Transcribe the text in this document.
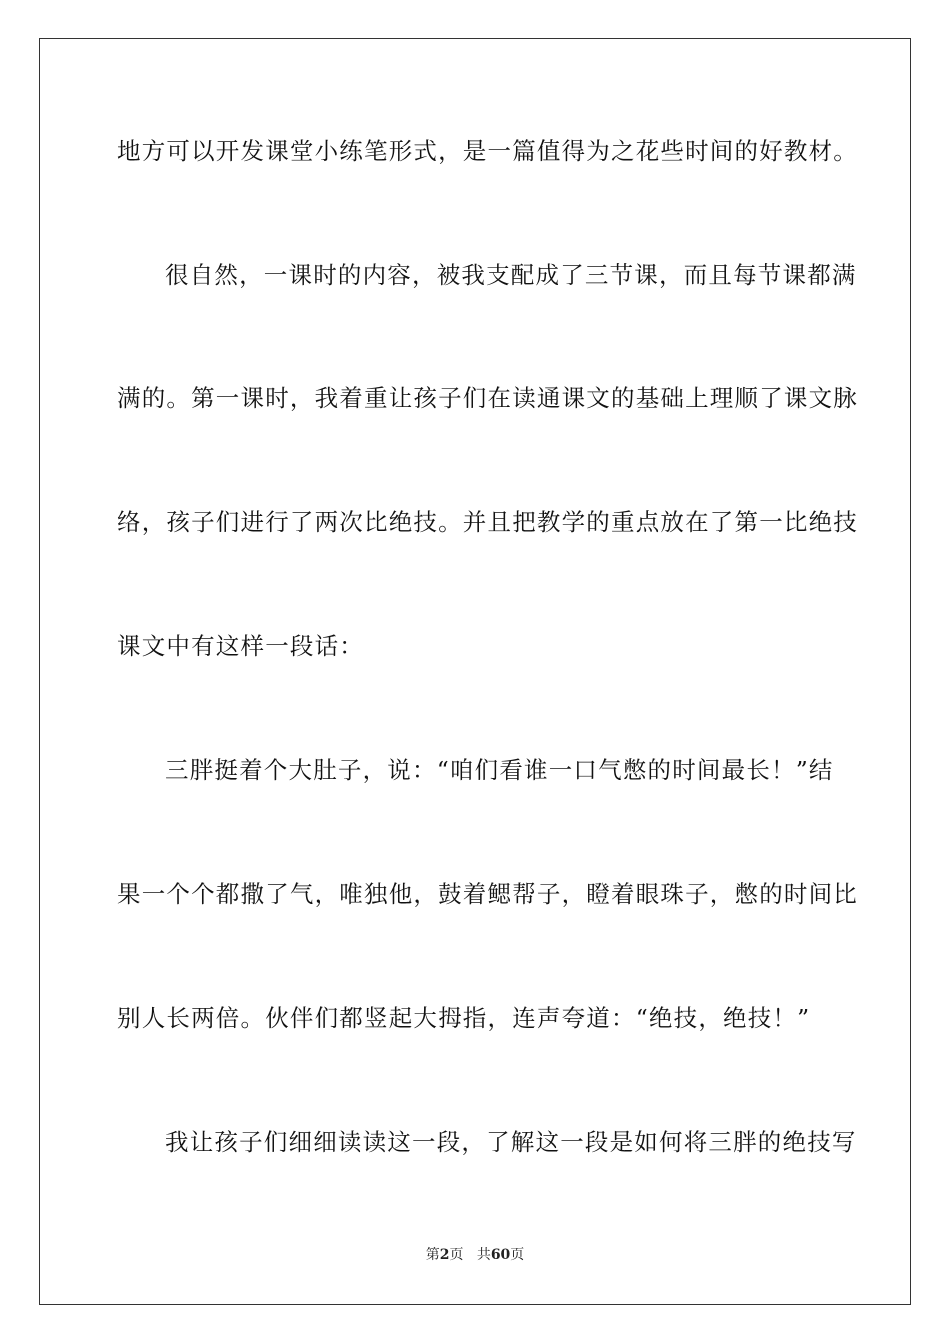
地方可以开发课堂小练笔形式，是一篇值得为之花些时间的好教材。
很自然，一课时的内容，被我支配成了三节课，而且每节课都满
满的。第一课时，我着重让孩子们在读通课文的基础上理顺了课文脉
络，孩子们进行了两次比绝技。并且把教学的重点放在了第一比绝技
课文中有这样一段话：
三胖挺着个大肚子，说：“咱们看谁一口气憋的时间最长！”结
果一个个都撒了气，唯独他，鼓着鳃帮子，瞪着眼珠子，憋的时间比
别人长两倍。伙伴们都竖起大拇指，连声夸道：“绝技，绝技！”
我让孩子们细细读读这一段，了解这一段是如何将三胖的绝技写
第2页 共60页
